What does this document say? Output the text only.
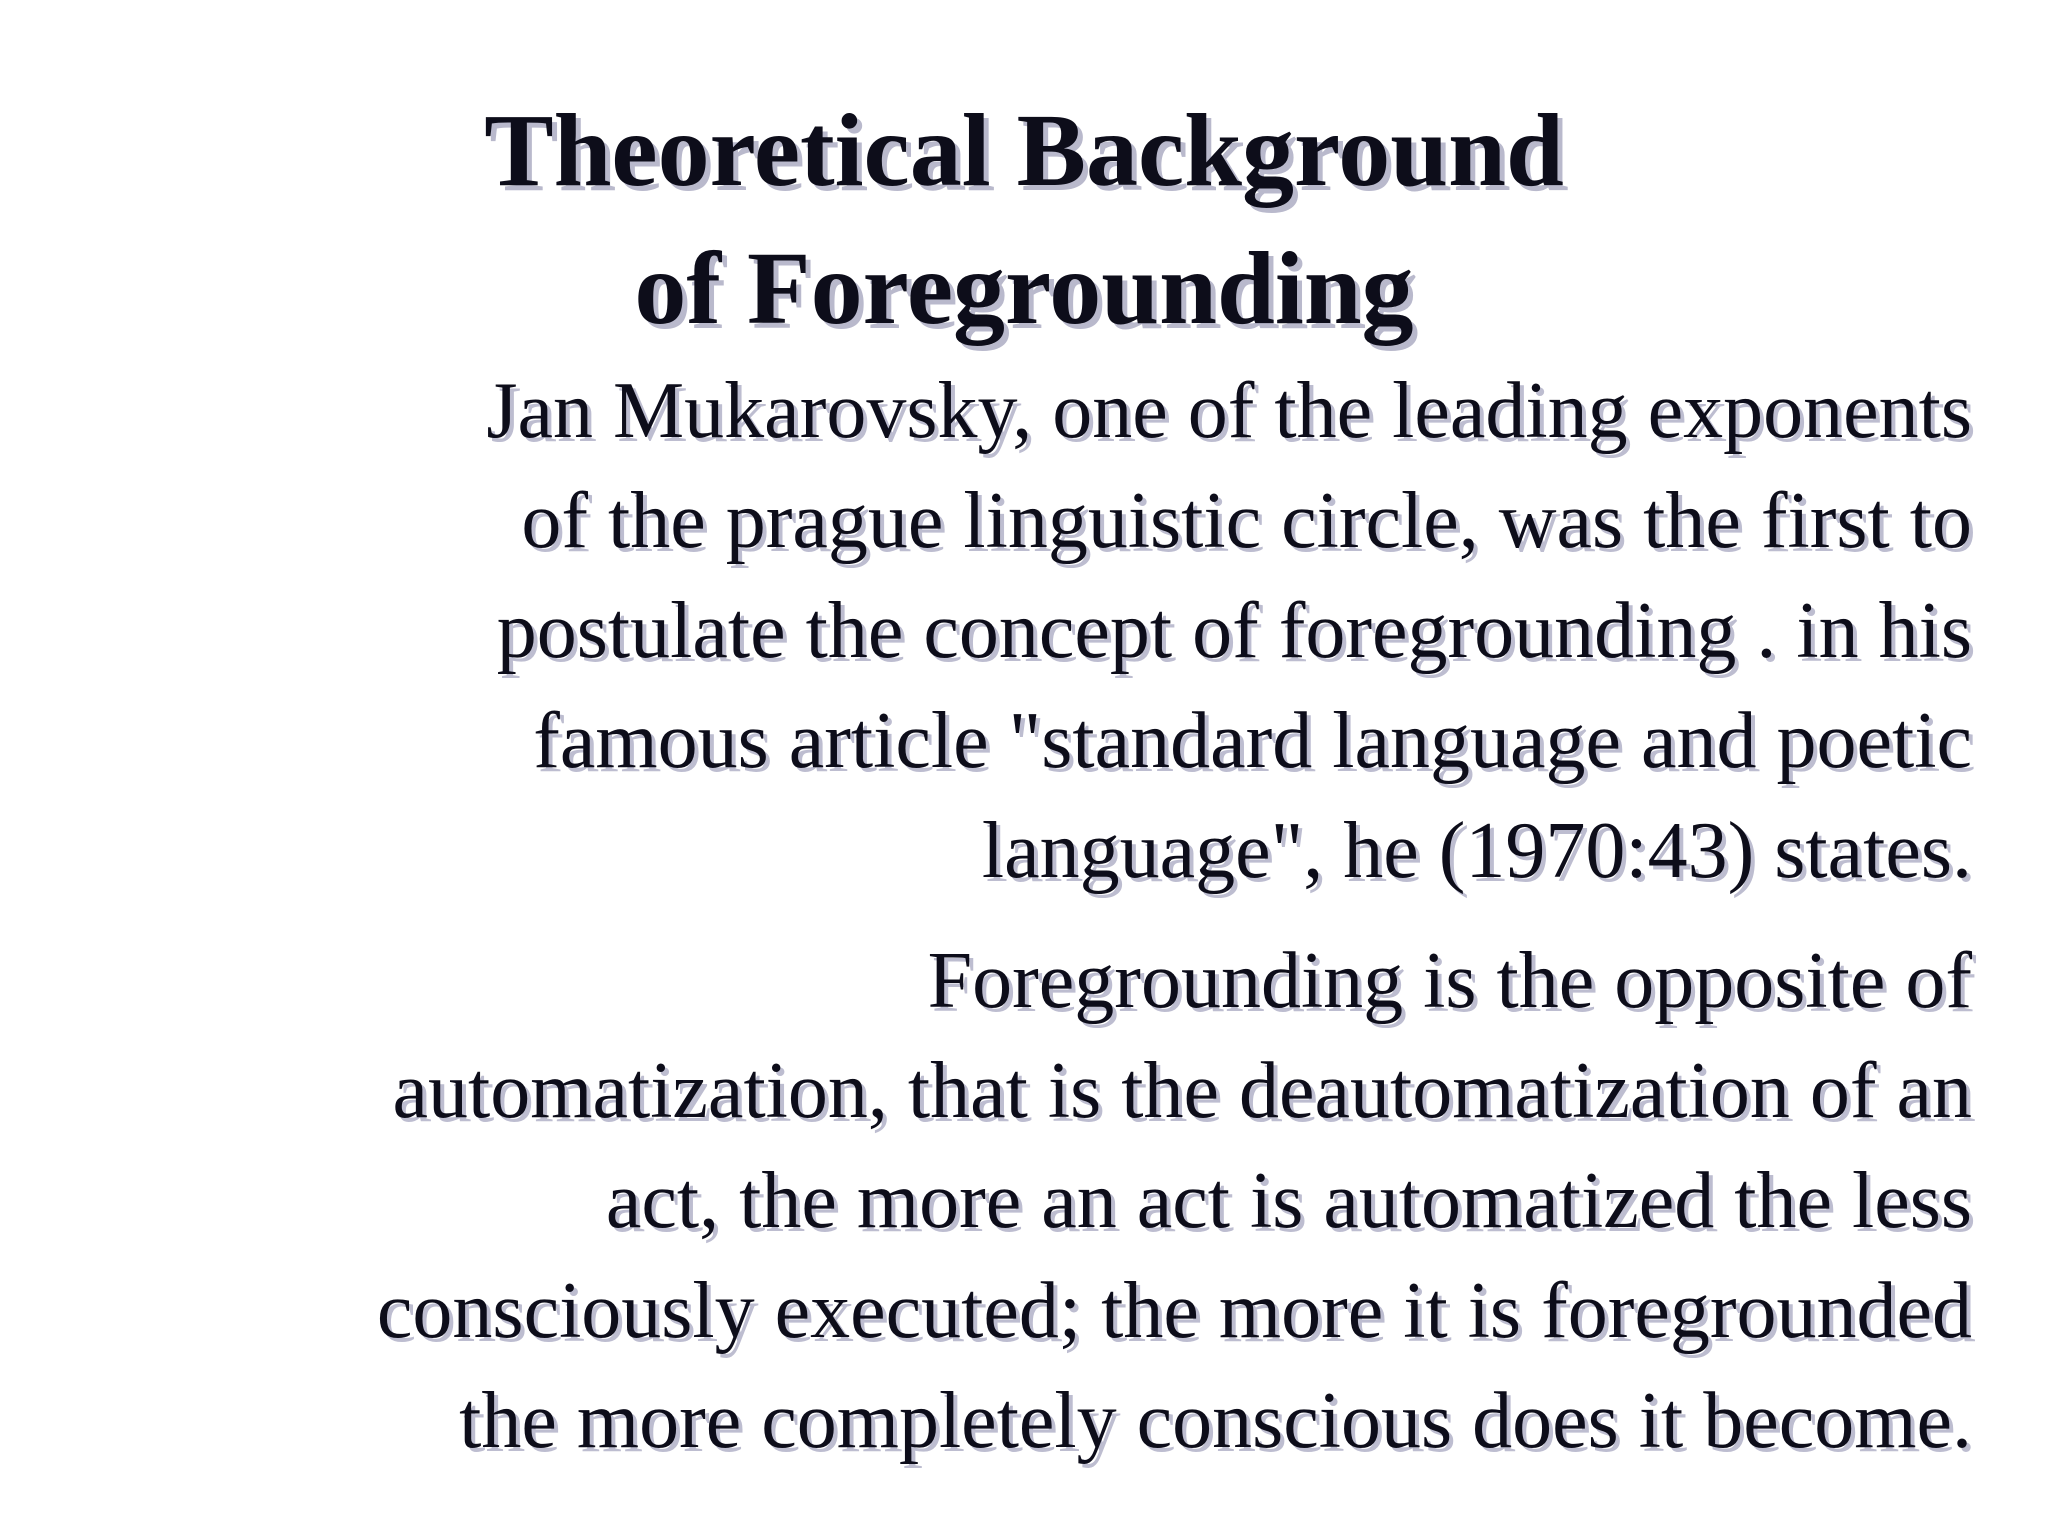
Theoretical Background
of Foregrounding
Jan Mukarovsky, one of the leading exponents
of the prague linguistic circle, was the first to
postulate the concept of foregrounding . in his
famous article "standard language and poetic
language", he (1970:43) states.
Foregrounding is the opposite of
automatization, that is the deautomatization of an
act, the more an act is automatized the less
consciously executed; the more it is foregrounded
the more completely conscious does it become.
